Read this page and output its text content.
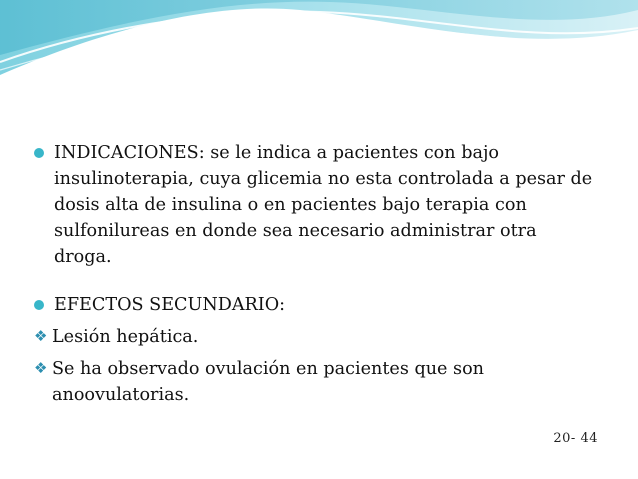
INDICACIONES: se le indica a pacientes con bajo insulinoterapia, cuya glicemia no esta controlada a pesar de dosis alta de insulina o en pacientes bajo terapia con sulfonilureas en donde sea necesario administrar otra droga.
EFECTOS SECUNDARIO:
❖ Lesión hepática.
❖ Se ha observado ovulación en pacientes que son anoovulatorias.
20- 44
